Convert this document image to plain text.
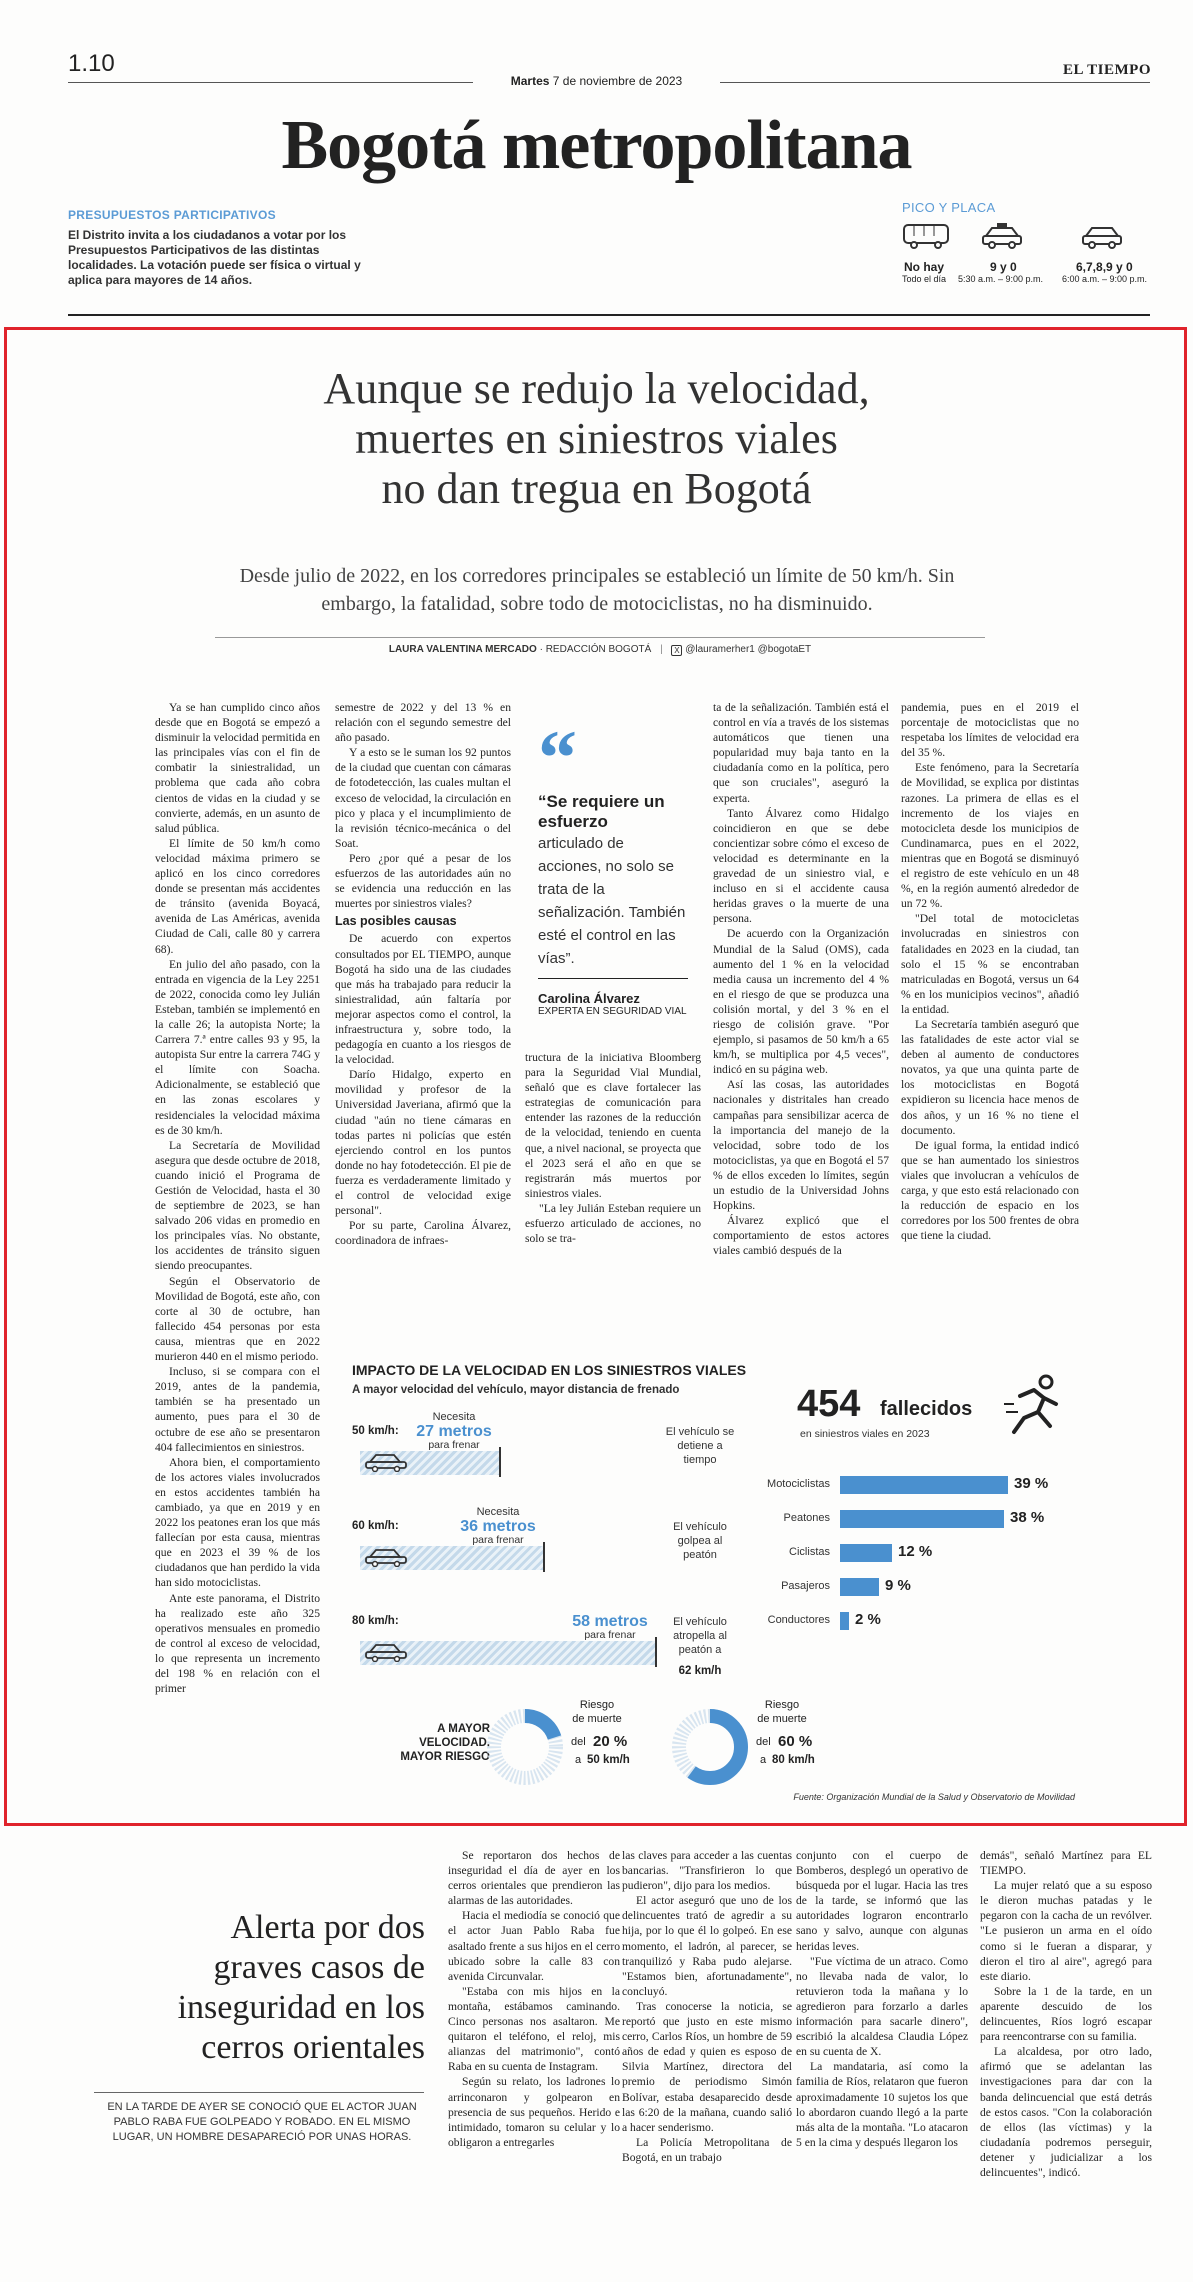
1.10
Martes 7 de noviembre de 2023
EL TIEMPO
Bogotá metropolitana
PRESUPUESTOS PARTICIPATIVOS
El Distrito invita a los ciudadanos a votar por los Presupuestos Participativos de las distintas localidades. La votación puede ser física o virtual y aplica para mayores de 14 años.
PICO Y PLACA
No hay
Todo el día
9 y 0
5:30 a.m. – 9:00 p.m.
6,7,8,9 y 0
6:00 a.m. – 9:00 p.m.
Aunque se redujo la velocidad,
muertes en siniestros viales
no dan tregua en Bogotá
Desde julio de 2022, en los corredores principales se estableció un límite de 50 km/h. Sin embargo, la fatalidad, sobre todo de motociclistas, no ha disminuido.
LAURA VALENTINA MERCADO · REDACCIÓN BOGOTÁ | X @lauramerher1 @bogotaET

Ya se han cumplido cinco años desde que en Bogotá se empezó a disminuir la velocidad permitida en las principales vías con el fin de combatir la siniestralidad, un problema que cada año cobra cientos de vidas en la ciudad y se convierte, además, en un asunto de salud pública.

El límite de 50 km/h como velocidad máxima primero se aplicó en los cinco corredores donde se presentan más accidentes de tránsito (avenida Boyacá, avenida de Las Américas, avenida Ciudad de Cali, calle 80 y carrera 68).

En julio del año pasado, con la entrada en vigencia de la Ley 2251 de 2022, conocida como ley Julián Esteban, también se implementó en la calle 26; la autopista Norte; la Carrera 7.ª entre calles 93 y 95, la autopista Sur entre la carrera 74G y el límite con Soacha. Adicionalmente, se estableció que en las zonas escolares y residenciales la velocidad máxima es de 30 km/h.

La Secretaría de Movilidad asegura que desde octubre de 2018, cuando inició el Programa de Gestión de Velocidad, hasta el 30 de septiembre de 2023, se han salvado 206 vidas en promedio en los principales vías. No obstante, los accidentes de tránsito siguen siendo preocupantes.

Según el Observatorio de Movilidad de Bogotá, este año, con corte al 30 de octubre, han fallecido 454 personas por esta causa, mientras que en 2022 murieron 440 en el mismo periodo.

Incluso, si se compara con el 2019, antes de la pandemia, también se ha presentado un aumento, pues para el 30 de octubre de ese año se presentaron 404 fallecimientos en siniestros.

Ahora bien, el comportamiento de los actores viales involucrados en estos accidentes también ha cambiado, ya que en 2019 y en 2022 los peatones eran los que más fallecían por esta causa, mientras que en 2023 el 39 % de los ciudadanos que han perdido la vida han sido motociclistas.

Ante este panorama, el Distrito ha realizado este año 325 operativos mensuales en promedio de control al exceso de velocidad, lo que representa un incremento del 198 % en relación con el primer

semestre de 2022 y del 13 % en relación con el segundo semestre del año pasado.

Y a esto se le suman los 92 puntos de la ciudad que cuentan con cámaras de fotodetección, las cuales multan el exceso de velocidad, la circulación en pico y placa y el incumplimiento de la revisión técnico-mecánica o del Soat.

Pero ¿por qué a pesar de los esfuerzos de las autoridades aún no se evidencia una reducción en las muertes por siniestros viales?

Las posibles causas

De acuerdo con expertos consultados por EL TIEMPO, aunque Bogotá ha sido una de las ciudades que más ha trabajado para reducir la siniestralidad, aún faltaría por mejorar aspectos como el control, la infraestructura y, sobre todo, la pedagogía en cuanto a los riesgos de la velocidad.

Darío Hidalgo, experto en movilidad y profesor de la Universidad Javeriana, afirmó que la ciudad "aún no tiene cámaras en todas partes ni policías que estén ejerciendo control en los puntos donde no hay fotodetección. El pie de fuerza es verdaderamente limitado y el control de velocidad exige personal".

Por su parte, Carolina Álvarez, coordinadora de infraes-

“
“Se requiere un esfuerzo
articulado de acciones, no solo se trata de la señalización. También esté el control en las vías”.
Carolina Álvarez
EXPERTA EN SEGURIDAD VIAL

tructura de la iniciativa Bloomberg para la Seguridad Vial Mundial, señaló que es clave fortalecer las estrategias de comunicación para entender las razones de la reducción de la velocidad, teniendo en cuenta que, a nivel nacional, se proyecta que el 2023 será el año en que se registrarán más muertos por siniestros viales.

"La ley Julián Esteban requiere un esfuerzo articulado de acciones, no solo se tra-

ta de la señalización. También está el control en vía a través de los sistemas automáticos que tienen una popularidad muy baja tanto en la ciudadanía como en la política, pero que son cruciales", aseguró la experta.

Tanto Álvarez como Hidalgo coincidieron en que se debe concientizar sobre cómo el exceso de velocidad es determinante en la gravedad de un siniestro vial, e incluso en si el accidente causa heridas graves o la muerte de una persona.

De acuerdo con la Organización Mundial de la Salud (OMS), cada aumento del 1 % en la velocidad media causa un incremento del 4 % en el riesgo de que se produzca una colisión mortal, y del 3 % en el riesgo de colisión grave. "Por ejemplo, si pasamos de 50 km/h a 65 km/h, se multiplica por 4,5 veces", indicó en su página web.

Así las cosas, las autoridades nacionales y distritales han creado campañas para sensibilizar acerca de la importancia del manejo de la velocidad, sobre todo de los motociclistas, ya que en Bogotá el 57 % de ellos exceden lo límites, según un estudio de la Universidad Johns Hopkins.

Álvarez explicó que el comportamiento de estos actores viales cambió después de la

pandemia, pues en el 2019 el porcentaje de motociclistas que no respetaba los límites de velocidad era del 35 %.

Este fenómeno, para la Secretaría de Movilidad, se explica por distintas razones. La primera de ellas es el incremento de los viajes en motocicleta desde los municipios de Cundinamarca, pues en el 2022, mientras que en Bogotá se disminuyó el registro de este vehículo en un 48 %, en la región aumentó alrededor de un 72 %.

"Del total de motocicletas involucradas en siniestros con fatalidades en 2023 en la ciudad, tan solo el 15 % se encontraban matriculadas en Bogotá, versus un 64 % en los municipios vecinos", añadió la entidad.

La Secretaría también aseguró que las fatalidades de este actor vial se deben al aumento de conductores novatos, ya que una quinta parte de los motociclistas en Bogotá expidieron su licencia hace menos de dos años, y un 16 % no tiene el documento.

De igual forma, la entidad indicó que se han aumentado los siniestros viales que involucran a vehículos de carga, y que esto está relacionado con la reducción de espacio en los corredores por los 500 frentes de obra que tiene la ciudad.

IMPACTO DE LA VELOCIDAD EN LOS SINIESTROS VIALES
A mayor velocidad del vehículo, mayor distancia de frenado
50 km/h:
Necesita
27 metros
para frenar
El vehículo se detiene a tiempo
60 km/h:
Necesita
36 metros
para frenar
El vehículo golpea al peatón
80 km/h:	58 metros
para frenar
El vehículo atropella al peatón a
62 km/h
A MAYOR VELOCIDAD,
MAYOR RIESGO
Riesgo
de muerte
del 20 %
a 50 km/h
Riesgo
de muerte
del 60 %
a 80 km/h
454 fallecidos
en siniestros viales en 2023
Motociclistas	39 %
Peatones	38 %
Ciclistas	12 %
Pasajeros	9 %
Conductores 2 %
Fuente: Organización Mundial de la Salud y Observatorio de Movilidad
Alerta por dos
graves casos de
inseguridad en los
cerros orientales
EN LA TARDE DE AYER SE CONOCIÓ QUE EL ACTOR JUAN PABLO RABA FUE GOLPEADO Y ROBADO. EN EL MISMO LUGAR, UN HOMBRE DESAPARECIÓ POR UNAS HORAS.

Se reportaron dos hechos de inseguridad el día de ayer en los cerros orientales que prendieron las alarmas de las autoridades.

Hacia el mediodía se conoció que el actor Juan Pablo Raba fue asaltado frente a sus hijos en el cerro ubicado sobre la calle 83 con avenida Circunvalar.

"Estaba con mis hijos en la montaña, estábamos caminando. Cinco personas nos asaltaron. Me quitaron el teléfono, el reloj, mis alianzas del matrimonio", contó Raba en su cuenta de Instagram.

Según su relato, los ladrones lo arrinconaron y golpearon en presencia de sus pequeños. Herido e intimidado, tomaron su celular y lo obligaron a entregarles

las claves para acceder a las cuentas bancarias. "Transfirieron lo que pudieron", dijo para los medios.

El actor aseguró que uno de los delincuentes trató de agredir a su hija, por lo que él lo golpeó. En ese momento, el ladrón, al parecer, se tranquilizó y Raba pudo alejarse. "Estamos bien, afortunadamente", concluyó.

Tras conocerse la noticia, se reportó que justo en este mismo cerro, Carlos Ríos, un hombre de 59 años de edad y quien es esposo de Silvia Martínez, directora del premio de periodismo Simón Bolívar, estaba desaparecido desde las 6:20 de la mañana, cuando salió a hacer senderismo.

La Policía Metropolitana de Bogotá, en un trabajo

conjunto con el cuerpo de Bomberos, desplegó un operativo de búsqueda por el lugar. Hacia las tres de la tarde, se informó que las autoridades lograron encontrarlo sano y salvo, aunque con algunas heridas leves.

"Fue víctima de un atraco. Como no llevaba nada de valor, lo retuvieron toda la mañana y lo agredieron para forzarlo a darles información para sacarle dinero", escribió la alcaldesa Claudia López en su cuenta de X.

La mandataria, así como la familia de Ríos, relataron que fueron aproximadamente 10 sujetos los que lo abordaron cuando llegó a la parte más alta de la montaña. "Lo atacaron 5 en la cima y después llegaron los

demás", señaló Martínez para EL TIEMPO.

La mujer relató que a su esposo le dieron muchas patadas y le pegaron con la cacha de un revólver. "Le pusieron un arma en el oído como si le fueran a disparar, y dieron el tiro al aire", agregó para este diario.

Sobre la 1 de la tarde, en un aparente descuido de los delincuentes, Ríos logró escapar para reencontrarse con su familia.

La alcaldesa, por otro lado, afirmó que se adelantan las investigaciones para dar con la banda delincuencial que está detrás de estos casos. "Con la colaboración de ellos (las víctimas) y la ciudadanía podremos perseguir, detener y judicializar a los delincuentes", indicó.
